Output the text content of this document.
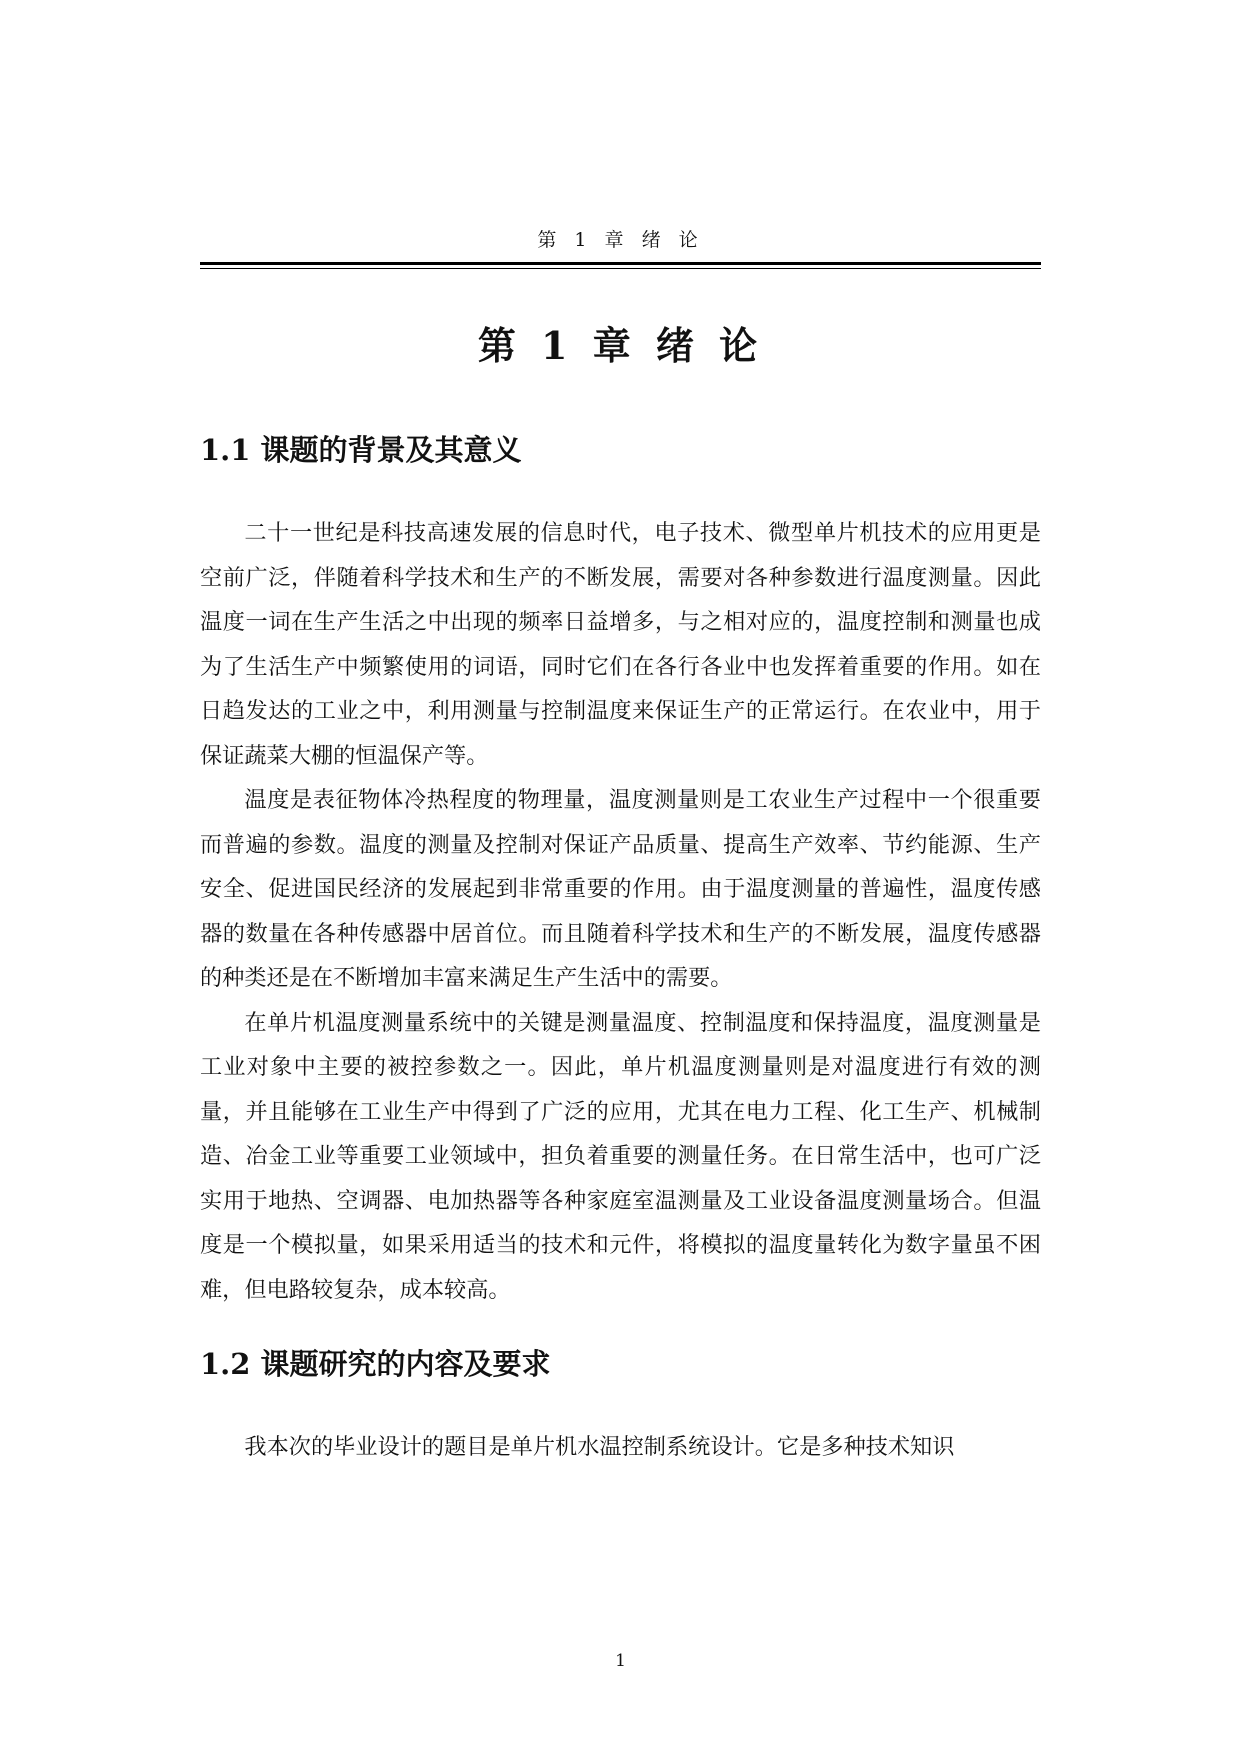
第 1 章 绪 论
第 1 章 绪 论
1.1 课题的背景及其意义

二十一世纪是科技高速发展的信息时代，电子技术、微型单片机技术的应用更是空前广泛，伴随着科学技术和生产的不断发展，需要对各种参数进行温度测量。因此温度一词在生产生活之中出现的频率日益增多，与之相对应的，温度控制和测量也成为了生活生产中频繁使用的词语，同时它们在各行各业中也发挥着重要的作用。如在日趋发达的工业之中，利用测量与控制温度来保证生产的正常运行。在农业中，用于保证蔬菜大棚的恒温保产等。

温度是表征物体冷热程度的物理量，温度测量则是工农业生产过程中一个很重要而普遍的参数。温度的测量及控制对保证产品质量、提高生产效率、节约能源、生产安全、促进国民经济的发展起到非常重要的作用。由于温度测量的普遍性，温度传感器的数量在各种传感器中居首位。而且随着科学技术和生产的不断发展，温度传感器的种类还是在不断增加丰富来满足生产生活中的需要。

在单片机温度测量系统中的关键是测量温度、控制温度和保持温度，温度测量是工业对象中主要的被控参数之一。因此，单片机温度测量则是对温度进行有效的测量，并且能够在工业生产中得到了广泛的应用，尤其在电力工程、化工生产、机械制造、冶金工业等重要工业领域中，担负着重要的测量任务。在日常生活中，也可广泛实用于地热、空调器、电加热器等各种家庭室温测量及工业设备温度测量场合。但温度是一个模拟量，如果采用适当的技术和元件，将模拟的温度量转化为数字量虽不困难，但电路较复杂，成本较高。

1.2 课题研究的内容及要求

我本次的毕业设计的题目是单片机水温控制系统设计。它是多种技术知识

1
